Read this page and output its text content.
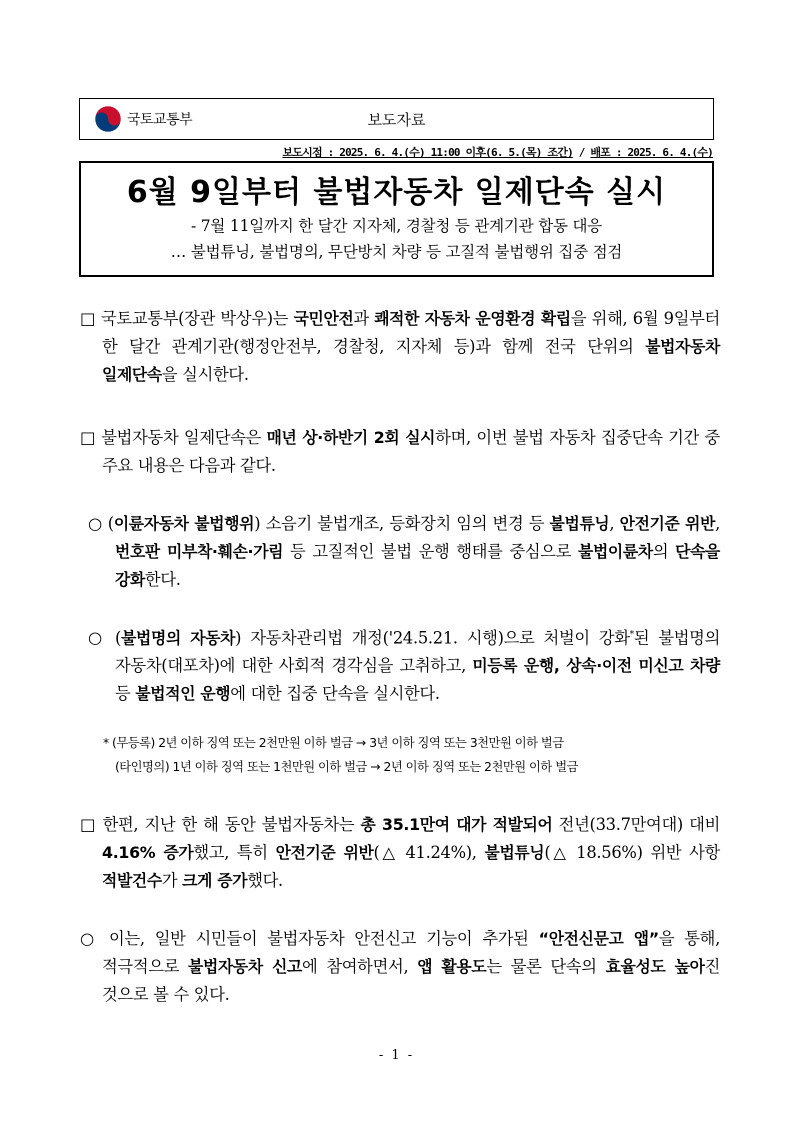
국토교통부	보도자료
보도시점 : 2025. 6. 4.(수) 11:00 이후(6. 5.(목) 조간) / 배포 : 2025. 6. 4.(수)
6월 9일부터 불법자동차 일제단속 실시
- 7월 11일까지 한 달간 지자체, 경찰청 등 관계기관 합동 대응
… 불법튜닝, 불법명의, 무단방치 차량 등 고질적 불법행위 집중 점검
□ 국토교통부(장관 박상우)는 국민안전과 쾌적한 자동차 운영환경 확립을 위해, 6월 9일부터 한 달간 관계기관(행정안전부, 경찰청, 지자체 등)과 함께 전국 단위의 불법자동차 일제단속을 실시한다.
□ 불법자동차 일제단속은 매년 상·하반기 2회 실시하며, 이번 불법 자동차 집중단속 기간 중 주요 내용은 다음과 같다.
○ (이륜자동차 불법행위) 소음기 불법개조, 등화장치 임의 변경 등 불법튜닝, 안전기준 위반, 번호판 미부착·훼손·가림 등 고질적인 불법 운행 행태를 중심으로 불법이륜차의 단속을 강화한다.
○ (불법명의 자동차) 자동차관리법 개정('24.5.21. 시행)으로 처벌이 강화*된 불법명의 자동차(대포차)에 대한 사회적 경각심을 고취하고, 미등록 운행, 상속·이전 미신고 차량 등 불법적인 운행에 대한 집중 단속을 실시한다.
* (무등록) 2년 이하 징역 또는 2천만원 이하 벌금 → 3년 이하 징역 또는 3천만원 이하 벌금
(타인명의) 1년 이하 징역 또는 1천만원 이하 벌금 → 2년 이하 징역 또는 2천만원 이하 벌금
□ 한편, 지난 한 해 동안 불법자동차는 총 35.1만여 대가 적발되어 전년(33.7만여대) 대비 4.16% 증가했고, 특히 안전기준 위반(△ 41.24%), 불법튜닝(△ 18.56%) 위반 사항 적발건수가 크게 증가했다.
○ 이는, 일반 시민들이 불법자동차 안전신고 기능이 추가된 “안전신문고 앱”을 통해, 적극적으로 불법자동차 신고에 참여하면서, 앱 활용도는 물론 단속의 효율성도 높아진 것으로 볼 수 있다.
- 1 -
